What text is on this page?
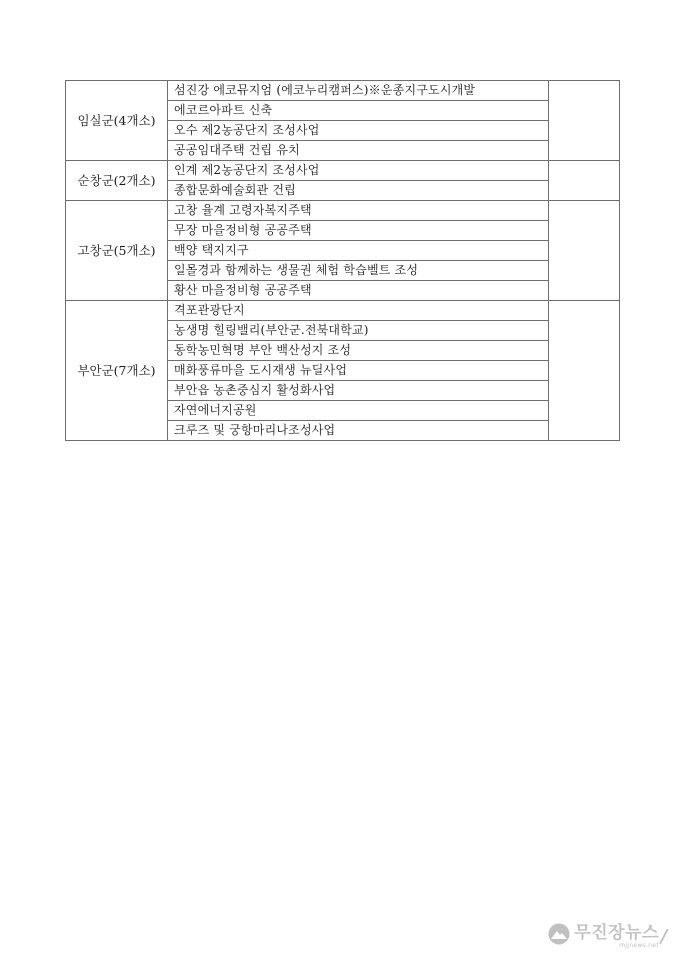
임실군(4개소)	섬진강 에코뮤지엄 (에코누리캠퍼스)※운종지구도시개발	
	에코르아파트 신축	
	오수 제2농공단지 조성사업	
	공공임대주택 건립 유치	
순창군(2개소)	인계 제2농공단지 조성사업	
	종합문화예술회관 건립	
고창군(5개소)	고창 율계 고령자복지주택	
	무장 마을정비형 공공주택	
	백양 택지지구	
	일몰경과 함께하는 생물권 체험 학습벨트 조성	
	황산 마을정비형 공공주택	
부안군(7개소)	격포관광단지	
	농생명 힐링밸리(부안군.전북대학교)	
	동학농민혁명 부안 백산성지 조성	
	매화풍류마을 도시재생 뉴딜사업	
	부안읍 농촌중심지 활성화사업	
	자연에너지공원	
	크루즈 및 궁항마리나조성사업	
무진장뉴스
mjjnews.net /
